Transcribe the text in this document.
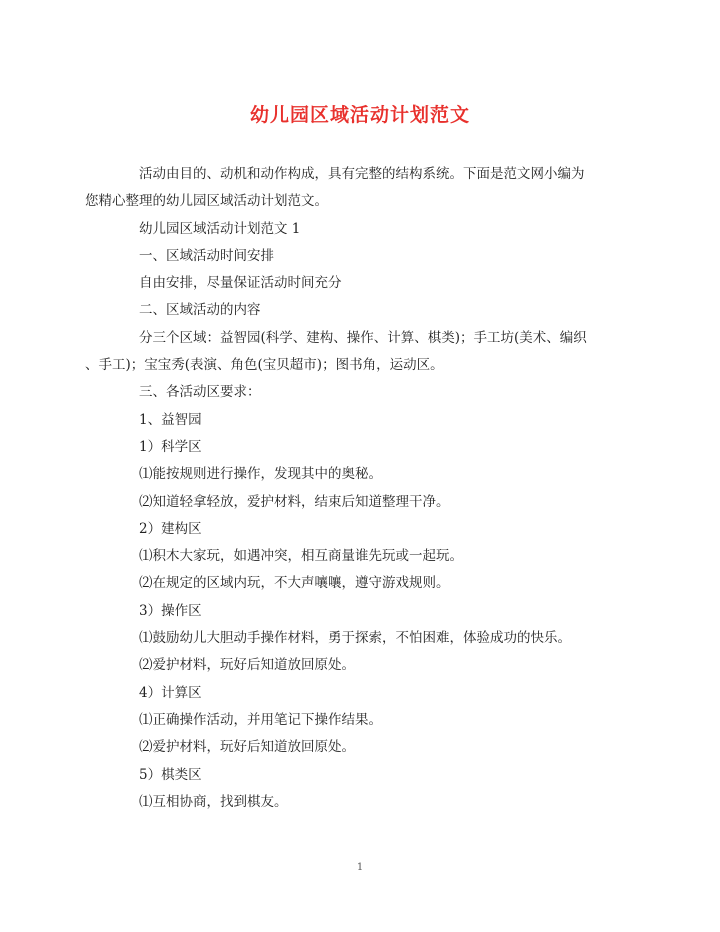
幼儿园区域活动计划范文

活动由目的、动机和动作构成，具有完整的结构系统。下面是范文网小编为
您精心整理的幼儿园区域活动计划范文。

幼儿园区域活动计划范文 1

一、区域活动时间安排

自由安排，尽量保证活动时间充分

二、区域活动的内容

分三个区域：益智园(科学、建构、操作、计算、棋类)；手工坊(美术、编织
、手工)；宝宝秀(表演、角色(宝贝超市)；图书角，运动区。

三、各活动区要求：

1、益智园

1）科学区

⑴能按规则进行操作，发现其中的奥秘。

⑵知道轻拿轻放，爱护材料，结束后知道整理干净。

2）建构区

⑴积木大家玩，如遇冲突，相互商量谁先玩或一起玩。

⑵在规定的区域内玩，不大声嚷嚷，遵守游戏规则。

3）操作区

⑴鼓励幼儿大胆动手操作材料，勇于探索，不怕困难，体验成功的快乐。

⑵爱护材料，玩好后知道放回原处。

4）计算区

⑴正确操作活动，并用笔记下操作结果。

⑵爱护材料，玩好后知道放回原处。

5）棋类区

⑴互相协商，找到棋友。

1
